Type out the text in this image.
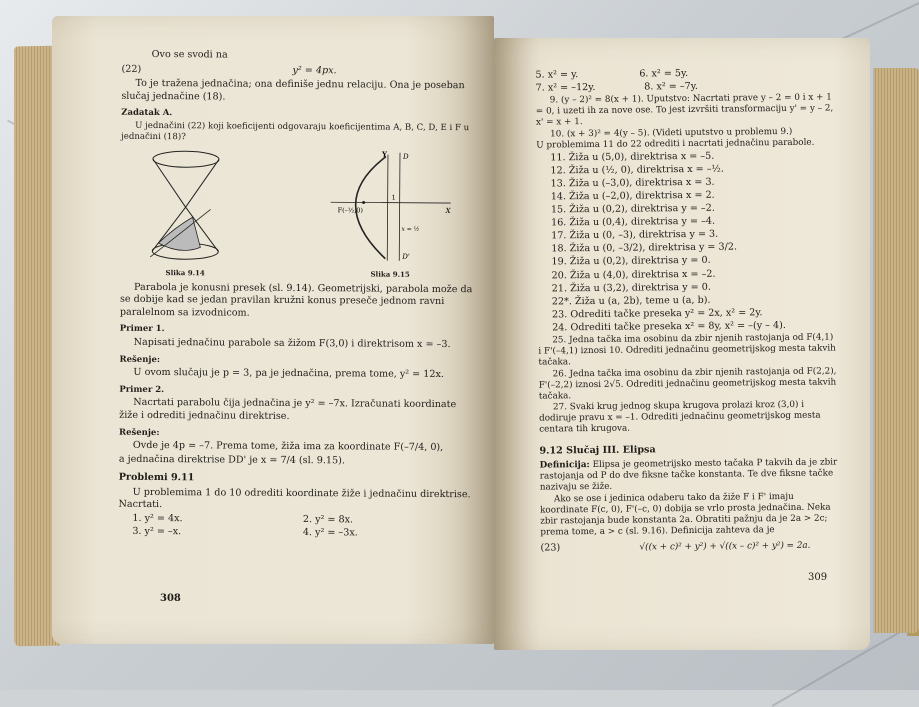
Ovo se svodi na
(22)	y² = 4px.
To je tražena jednačina; ona definiše jednu relaciju. Ona je poseban slučaj jednačine (18).
Zadatak A.
U jednačini (22) koji koeficijenti odgovaraju koeficijentima A, B, C, D, E i F u jednačini (18)?
Slika 9.14
Y
X
D
D'
F(–½,0)
1
x = ½
Slika 9.15
Parabola je konusni presek (sl. 9.14). Geometrijski, parabola može da se dobije kad se jedan pravilan kružni konus preseče jednom ravni paralelnom sa izvodnicom.
Primer 1.
Napisati jednačinu parabole sa žižom F(3,0) i direktrisom x = –3.
Rešenje:
U ovom slučaju je p = 3, pa je jednačina, prema tome, y² = 12x.
Primer 2.
Nacrtati parabolu čija jednačina je y² = –7x. Izračunati koordinate žiže i odrediti jednačinu direktrise.
Rešenje:
Ovde je 4p = –7. Prema tome, žiža ima za koordinate F(–7/4, 0),
a jednačina direktrise DD' je x = 7/4 (sl. 9.15).
Problemi 9.11
U problemima 1 do 10 odrediti koordinate žiže i jednačinu direktrise. Nacrtati.
1. y² = 4x.	2. y² = 8x.
3. y² = –x.	4. y² = –3x.
308
5. x² = y.                    6. x² = 5y.
7. x² = –12y.                8. x² = –7y.
9. (y – 2)² = 8(x + 1). Uputstvo: Nacrtati prave y – 2 = 0 i x + 1 = 0, i uzeti ih za nove ose. To jest izvršiti transformaciju y' = y – 2, x' = x + 1.
10. (x + 3)² = 4(y – 5). (Videti uputstvo u problemu 9.)
U problemima 11 do 22 odrediti i nacrtati jednačinu parabole.
11. Žiža u (5,0), direktrisa x = –5.
12. Žiža u (½, 0), direktrisa x = –½.
13. Žiža u (–3,0), direktrisa x = 3.
14. Žiža u (–2,0), direktrisa x = 2.
15. Žiža u (0,2), direktrisa y = –2.
16. Žiža u (0,4), direktrisa y = –4.
17. Žiža u (0, –3), direktrisa y = 3.
18. Žiža u (0, –3/2), direktrisa y = 3/2.
19. Žiža u (0,2), direktrisa y = 0.
20. Žiža u (4,0), direktrisa x = –2.
21. Žiža u (3,2), direktrisa y = 0.
22*. Žiža u (a, 2b), teme u (a, b).
23. Odrediti tačke preseka y² = 2x, x² = 2y.
24. Odrediti tačke preseka x² = 8y, x² = –(y – 4).
25. Jedna tačka ima osobinu da zbir njenih rastojanja od F(4,1) i F'(–4,1) iznosi 10. Odrediti jednačinu geometrijskog mesta takvih tačaka.
26. Jedna tačka ima osobinu da zbir njenih rastojanja od F(2,2), F'(–2,2) iznosi 2√5. Odrediti jednačinu geometrijskog mesta takvih tačaka.
27. Svaki krug jednog skupa krugova prolazi kroz (3,0) i dodiruje pravu x = –1. Odrediti jednačinu geometrijskog mesta centara tih krugova.
9.12 Slučaj III. Elipsa
Definicija: Elipsa je geometrijsko mesto tačaka P takvih da je zbir rastojanja od P do dve fiksne tačke konstanta. Te dve fiksne tačke nazivaju se žiže.
Ako se ose i jedinica odaberu tako da žiže F i F' imaju koordinate F(c, 0), F'(–c, 0) dobija se vrlo prosta jednačina. Neka zbir rastojanja bude konstanta 2a. Obratiti pažnju da je 2a > 2c; prema tome, a > c (sl. 9.16). Definicija zahteva da je
(23)	√((x + c)² + y²) + √((x – c)² + y²) = 2a.
309
